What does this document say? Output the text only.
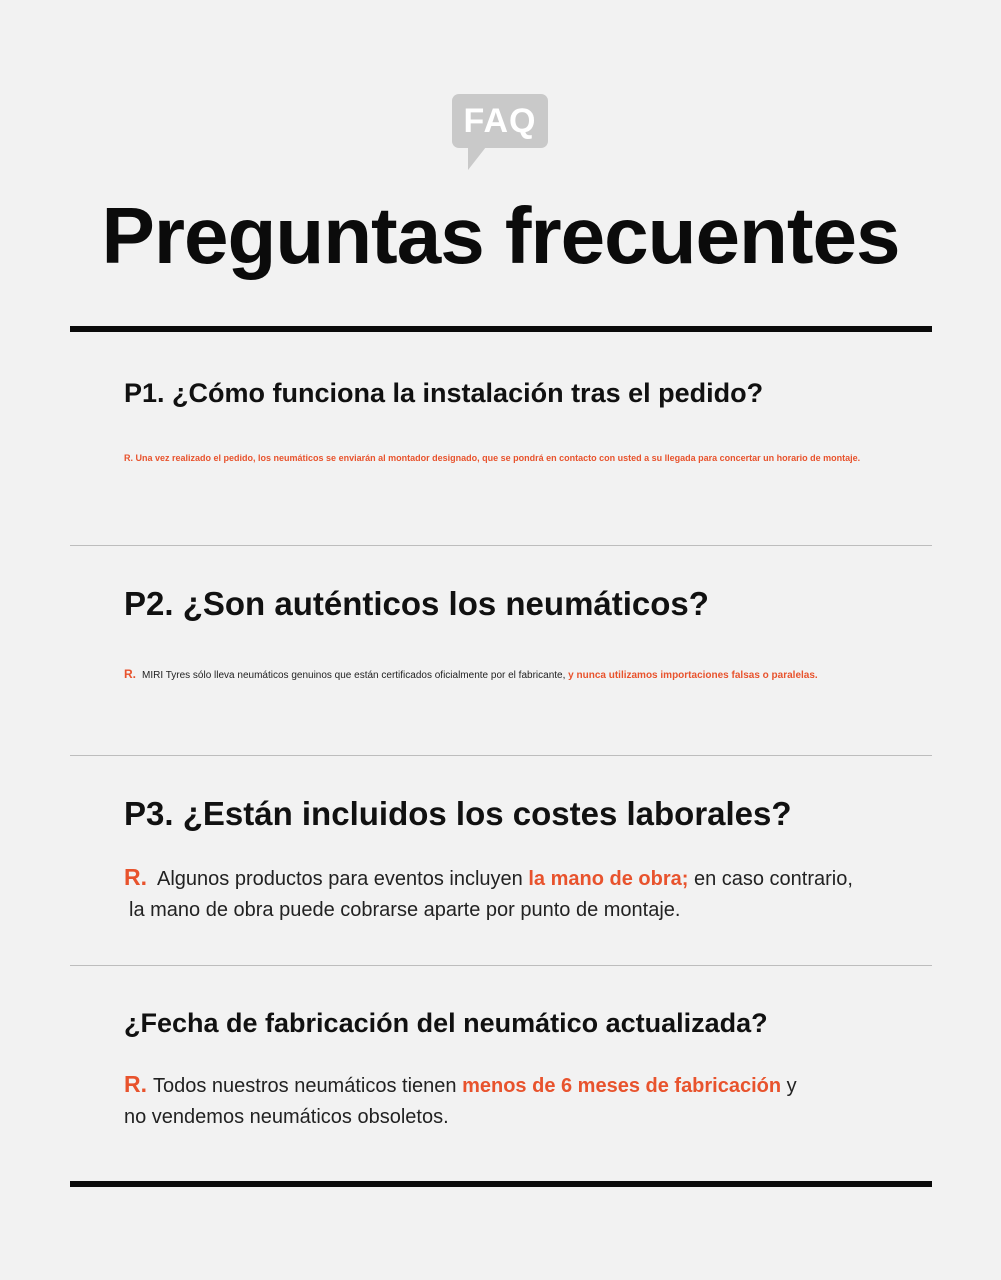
FAQ
Preguntas frecuentes
P1. ¿Cómo funciona la instalación tras el pedido?
R. Una vez realizado el pedido, los neumáticos se enviarán al montador designado, que se pondrá en contacto con usted a su llegada para concertar un horario de montaje.
P2. ¿Son auténticos los neumáticos?
R. MIRI Tyres sólo lleva neumáticos genuinos que están certificados oficialmente por el fabricante, y nunca utilizamos importaciones falsas o paralelas.
P3. ¿Están incluidos los costes laborales?
R. Algunos productos para eventos incluyen la mano de obra; en caso contrario,
la mano de obra puede cobrarse aparte por punto de montaje.
¿Fecha de fabricación del neumático actualizada?
R. Todos nuestros neumáticos tienen menos de 6 meses de fabricación y
no vendemos neumáticos obsoletos.
